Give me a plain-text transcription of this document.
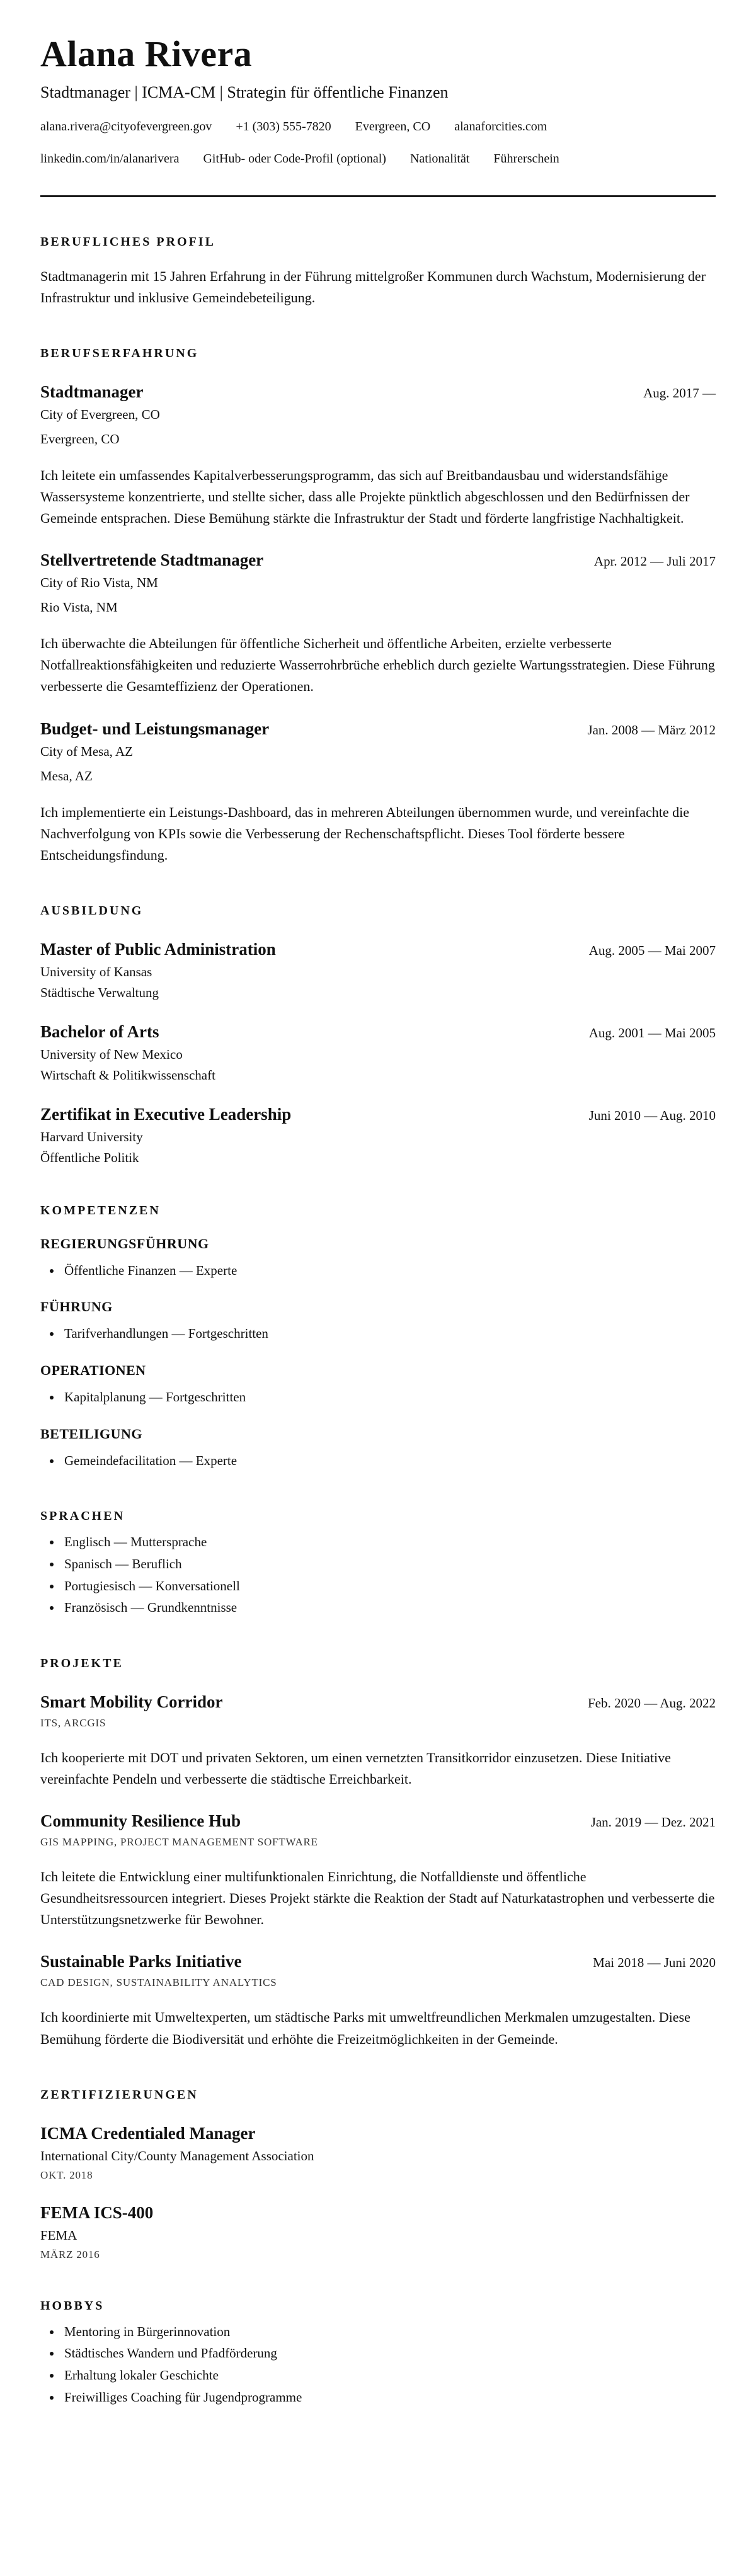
Alana Rivera
Stadtmanager | ICMA-CM | Strategin für öffentliche Finanzen
alana.rivera@cityofevergreen.gov +1 (303) 555-7820 Evergreen, CO alanaforcities.com
linkedin.com/in/alanarivera GitHub- oder Code-Profil (optional) Nationalität Führerschein
BERUFLICHES PROFIL

Stadtmanagerin mit 15 Jahren Erfahrung in der Führung mittelgroßer Kommunen durch Wachstum, Modernisierung der Infrastruktur und inklusive Gemeindebeteiligung.

BERUFSERFAHRUNG
Stadtmanager	Aug. 2017 —
City of Evergreen, CO
Evergreen, CO

Ich leitete ein umfassendes Kapitalverbesserungsprogramm, das sich auf Breitbandausbau und widerstandsfähige Wassersysteme konzentrierte, und stellte sicher, dass alle Projekte pünktlich abgeschlossen und den Bedürfnissen der Gemeinde entsprachen. Diese Bemühung stärkte die Infrastruktur der Stadt und förderte langfristige Nachhaltigkeit.

Stellvertretende Stadtmanager	Apr. 2012 — Juli 2017
City of Rio Vista, NM
Rio Vista, NM

Ich überwachte die Abteilungen für öffentliche Sicherheit und öffentliche Arbeiten, erzielte verbesserte Notfallreaktionsfähigkeiten und reduzierte Wasserrohrbrüche erheblich durch gezielte Wartungsstrategien. Diese Führung verbesserte die Gesamteffizienz der Operationen.

Budget- und Leistungsmanager	Jan. 2008 — März 2012
City of Mesa, AZ
Mesa, AZ

Ich implementierte ein Leistungs-Dashboard, das in mehreren Abteilungen übernommen wurde, und vereinfachte die Nachverfolgung von KPIs sowie die Verbesserung der Rechenschaftspflicht. Dieses Tool förderte bessere Entscheidungsfindung.

AUSBILDUNG
Master of Public Administration	Aug. 2005 — Mai 2007
University of Kansas
Städtische Verwaltung
Bachelor of Arts	Aug. 2001 — Mai 2005
University of New Mexico
Wirtschaft & Politikwissenschaft
Zertifikat in Executive Leadership	Juni 2010 — Aug. 2010
Harvard University
Öffentliche Politik
KOMPETENZEN
REGIERUNGSFÜHRUNG
• Öffentliche Finanzen — Experte
FÜHRUNG
• Tarifverhandlungen — Fortgeschritten
OPERATIONEN
• Kapitalplanung — Fortgeschritten
BETEILIGUNG
• Gemeindefacilitation — Experte
SPRACHEN
• Englisch — Muttersprache
• Spanisch — Beruflich
• Portugiesisch — Konversationell
• Französisch — Grundkenntnisse
PROJEKTE
Smart Mobility Corridor	Feb. 2020 — Aug. 2022
ITS, ARCGIS

Ich kooperierte mit DOT und privaten Sektoren, um einen vernetzten Transitkorridor einzusetzen. Diese Initiative vereinfachte Pendeln und verbesserte die städtische Erreichbarkeit.

Community Resilience Hub	Jan. 2019 — Dez. 2021
GIS MAPPING, PROJECT MANAGEMENT SOFTWARE

Ich leitete die Entwicklung einer multifunktionalen Einrichtung, die Notfalldienste und öffentliche Gesundheitsressourcen integriert. Dieses Projekt stärkte die Reaktion der Stadt auf Naturkatastrophen und verbesserte die Unterstützungsnetzwerke für Bewohner.

Sustainable Parks Initiative	Mai 2018 — Juni 2020
CAD DESIGN, SUSTAINABILITY ANALYTICS

Ich koordinierte mit Umweltexperten, um städtische Parks mit umweltfreundlichen Merkmalen umzugestalten. Diese Bemühung förderte die Biodiversität und erhöhte die Freizeitmöglichkeiten in der Gemeinde.

ZERTIFIZIERUNGEN
ICMA Credentialed Manager
International City/County Management Association
OKT. 2018
FEMA ICS-400
FEMA
MÄRZ 2016
HOBBYS
• Mentoring in Bürgerinnovation
• Städtisches Wandern und Pfadförderung
• Erhaltung lokaler Geschichte
• Freiwilliges Coaching für Jugendprogramme
